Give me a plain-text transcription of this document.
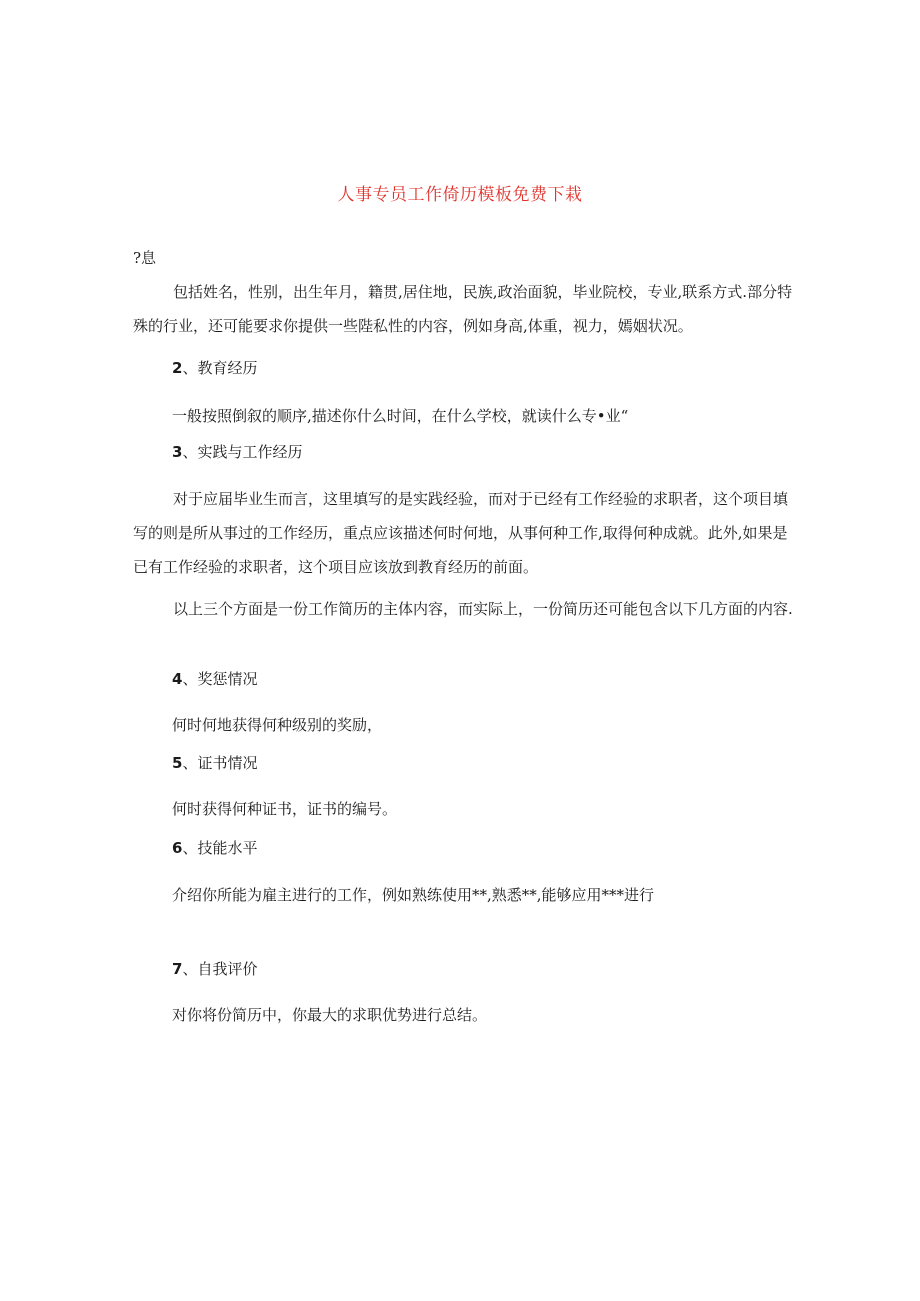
人事专员工作倚历模板免费下栽
?息

包括姓名，性别，出生年月，籍贯,居住地，民族,政治面貌，毕业院校，专业,联系方式.部分特殊的行业，还可能要求你提供一些陛私性的内容，例如身高,体重，视力，嫣姻状况。

2、教育经历
一般按照倒叙的顺序,描述你什么时间，在什么学校，就读什么专•业“
3、实践与工作经历

对于应届毕业生而言，这里填写的是实践经验，而对于已经有工作经验的求职者，这个项目填写的则是所从事过的工作经历，重点应该描述何时何地，从事何种工作,取得何种成就。此外,如果是已有工作经验的求职者，这个项目应该放到教育经历的前面。

以上三个方面是一份工作简历的主体内容，而实际上，一份简历还可能包含以下几方面的内容.

4、奖惩情况
何时何地获得何种级别的奖励，
5、证书情况
何时获得何种证书，证书的编号。
6、技能水平
介绍你所能为雇主进行的工作，例如熟练使用**,熟悉**,能够应用***进行
7、自我评价
对你将份简历中，你最大的求职优势进行总结。
